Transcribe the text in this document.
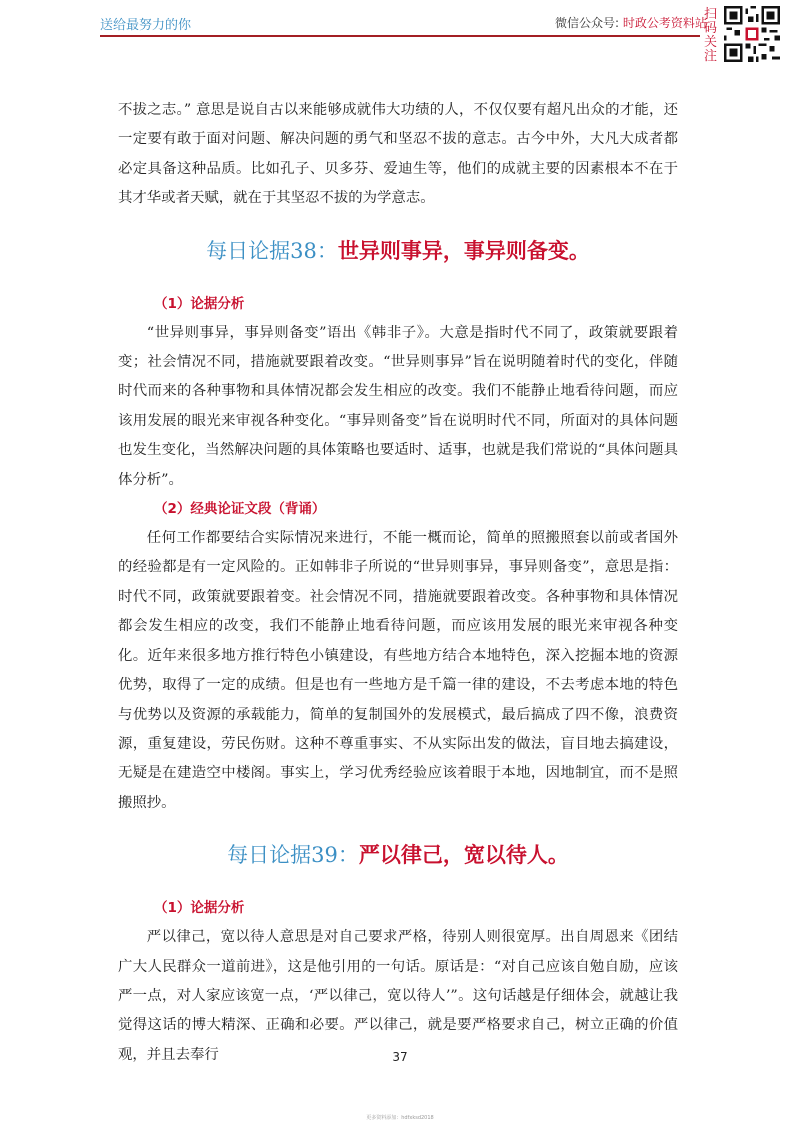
送给最努力的你	微信公众号: 时政公考资料站
扫码关注

不拔之志。” 意思是说自古以来能够成就伟大功绩的人，不仅仅要有超凡出众的才能，还一定要有敢于面对问题、解决问题的勇气和坚忍不拔的意志。古今中外，大凡大成者都必定具备这种品质。比如孔子、贝多芬、爱迪生等，他们的成就主要的因素根本不在于其才华或者天赋，就在于其坚忍不拔的为学意志。

每日论据38：世异则事异，事异则备变。
（1）论据分析

“世异则事异，事异则备变”语出《韩非子》。大意是指时代不同了，政策就要跟着变；社会情况不同，措施就要跟着改变。“世异则事异”旨在说明随着时代的变化，伴随时代而来的各种事物和具体情况都会发生相应的改变。我们不能静止地看待问题，而应该用发展的眼光来审视各种变化。“事异则备变”旨在说明时代不同，所面对的具体问题也发生变化，当然解决问题的具体策略也要适时、适事，也就是我们常说的“具体问题具体分析”。

（2）经典论证文段（背诵）

任何工作都要结合实际情况来进行，不能一概而论，简单的照搬照套以前或者国外的经验都是有一定风险的。正如韩非子所说的“世异则事异，事异则备变”，意思是指：时代不同，政策就要跟着变。社会情况不同，措施就要跟着改变。各种事物和具体情况都会发生相应的改变，我们不能静止地看待问题，而应该用发展的眼光来审视各种变化。近年来很多地方推行特色小镇建设，有些地方结合本地特色，深入挖掘本地的资源优势，取得了一定的成绩。但是也有一些地方是千篇一律的建设，不去考虑本地的特色与优势以及资源的承载能力，简单的复制国外的发展模式，最后搞成了四不像，浪费资源，重复建设，劳民伤财。这种不尊重事实、不从实际出发的做法，盲目地去搞建设，无疑是在建造空中楼阁。事实上，学习优秀经验应该着眼于本地，因地制宜，而不是照搬照抄。

每日论据39：严以律己，宽以待人。
（1）论据分析

严以律己，宽以待人意思是对自己要求严格，待别人则很宽厚。出自周恩来《团结广大人民群众一道前进》，这是他引用的一句话。原话是：“对自己应该自勉自励，应该严一点，对人家应该宽一点，‘严以律己，宽以待人’”。这句话越是仔细体会，就越让我觉得这话的博大精深、正确和必要。严以律己，就是要严格要求自己，树立正确的价值观，并且去奉行	37
更多资料添加：hdfxksd2018
